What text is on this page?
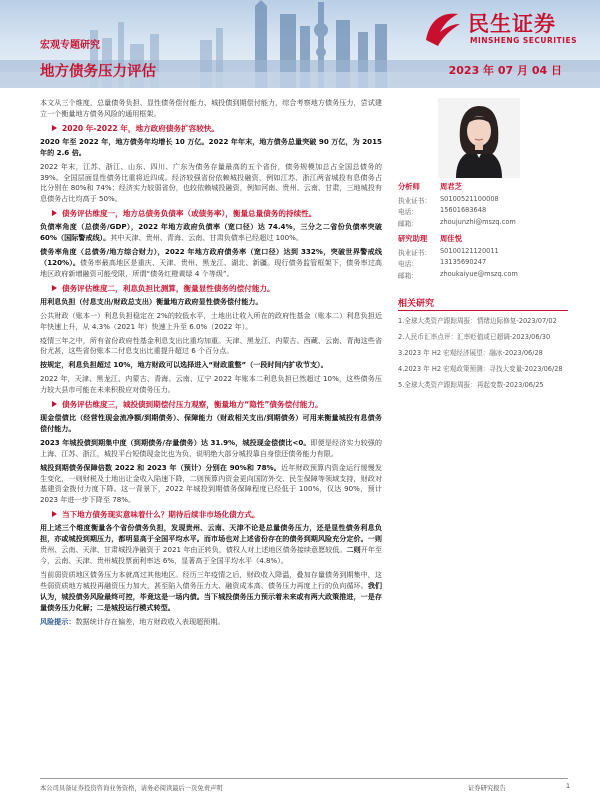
民生证券
MINSHENG SECURITIES
宏观专题研究
地方债务压力评估	2023 年 07 月 04 日

本文从三个维度，总量债务负担、显性债务偿付能力、城投债到期偿付能力，综合考察地方债务压力，尝试建立一个衡量地方债务风险的通用框架。

2020 年-2022 年，地方政府债务扩容较快。

2020 年至 2022 年，地方债务年均增长 10 万亿。2022 年年末，地方债务总量突破 90 万亿，为 2015 年的 2.6 倍。

2022 年末，江苏、浙江、山东、四川、广东为债务存量最高的五个省份，债务规模加总占全国总债务的 39%。全国层面显性债务比重将近四成。经济较强省份依赖城投融资，例如江苏、浙江两省城投有息债务占比分别在 80%和 74%；经济实力较弱省份，也较依赖城投融资，例如河南、贵州、云南、甘肃，三地城投有息债务占比均高于 50%。

债务评估维度一，地方总债务负债率（或债务率），衡量总量债务的持续性。

负债率角度（总债务/GDP），2022 年地方政府负债率（宽口径）达 74.4%，三分之二省份负债率突破 60%（国际警戒线）。其中天津、贵州、青海、云南、甘肃负债率已经超过 100%。

债务率角度（总债务/地方综合财力），2022 年地方政府债务率（宽口径）达到 332%，突破世界警戒线（120%）。债务率最高地区是重庆、天津、贵州、黑龙江、湖北、新疆。现行债务监管框架下，债务率过高地区政府新增融资可能受限，所谓“债务红橙黄绿 4 个等级”。

债务评估维度二，利息负担比测算，衡量显性债务的偿付能力。

用利息负担（付息支出/财政总支出）衡量地方政府显性债务偿付能力。

公共财政（账本一）利息负担稳定在 2%的较低水平，土地出让收入所在的政府性基金（账本二）利息负担近年快速上升，从 4.3%（2021 年）快速上升至 6.0%（2022 年）。

疫情三年之中，所有省份政府性基金利息支出比重均加重。天津、黑龙江、内蒙古、西藏、云南、青海这些省份尤甚，这些省份账本二付息支出比重提升超过 6 个百分点。

按规定，利息负担超过 10%，地方财政可以选择进入“财政重整”（一段时间内扩收节支）。

2022 年，天津、黑龙江、内蒙古、青海、云南、辽宁 2022 年账本二利息负担已然超过 10%，这些债务压力较大县市可能在未来积极应对债务压力。

债务评估维度三，城投债到期偿付压力观察，衡量地方“隐性”债务偿付能力。

现金偿债比（经营性现金流净额/到期债务）、保障能力（财政相关支出/到期债务）可用来衡量城投有息债务偿付能力。

2023 年城投债到期集中度（到期债务/存量债务）达 31.9%，城投现金偿债比<0。即便是经济实力较强的上海、江苏、浙江，城投平台短债现金比也为负，说明绝大部分城投靠自身偿还债务能力有限。

城投到期债务保障倍数 2022 和 2023 年（预计）分别在 90%和 78%。近年财政预算内资金运行缓慢发生变化，一则财税及土地出让金收入陷速下降，二则预算内资金更向国防外交、民生保障等领域支持，财政对基建资金拨付力度下降。这一背景下，2022 年城投到期债务保障程度已经低于 100%，仅达 90%，预计 2023 年进一步下降至 78%。

当下地方债务现实意味着什么？期待后续非市场化债方式。

用上述三个维度衡量各个省份债务负担，发现贵州、云南、天津不论是总量债务压力，还是显性债务利息负担，亦或城投到期压力，都明显高于全国平均水平。而市场也对上述省份存在的债务到期风险充分定价。一则贵州、云南、天津、甘肃城投净融资于 2021 年由正转负，债权人对上述地区债务接续意愿较低。二则开年至今，云南、天津、贵州城投票面利率达 6%，显著高于全国平均水平（4.8%）。

当前弱资质地区债务压力本就高过其他地区。经历三年疫情之后，财政收入降温，叠加存量债务到期集中，这些弱资质地方城投再融资压力加大，甚至陷入债务压力大、融资成本高、债务压力再度上行的负向循环。我们认为，城投债务风险最终可控，毕竟这是一场内债。当下城投债务压力预示着未来或有两大政策推进，一是存量债务压力化解；二是城投运行模式转型。

风险提示：数据统计存在偏差，地方财政收入表现超预期。

分析师	周君芝
执业证书： S0100521100008
电话：	15601683648
邮箱：	zhoujunzhi@mszq.com
研究助理	周佳悦
执业证书： S0100121120011
电话：	13135690247
邮箱：	zhoukaiyue@mszq.com
相关研究
1.全球大类资产跟踪周报：情绪边际修复-2023/07/02
2.人民币汇率点评：汇率贬值或已超调-2023/06/30
3.2023 年 H2 宏观经济展望：融冰-2023/06/28
4.2023 年 H2 宏观政策预测：寻找大变量-2023/06/28
5.全球大类资产跟踪周报：再起变数-2023/06/25
本公司具备证券投资咨询业务资格，请务必阅读最后一页免责声明	证券研究报告	1
